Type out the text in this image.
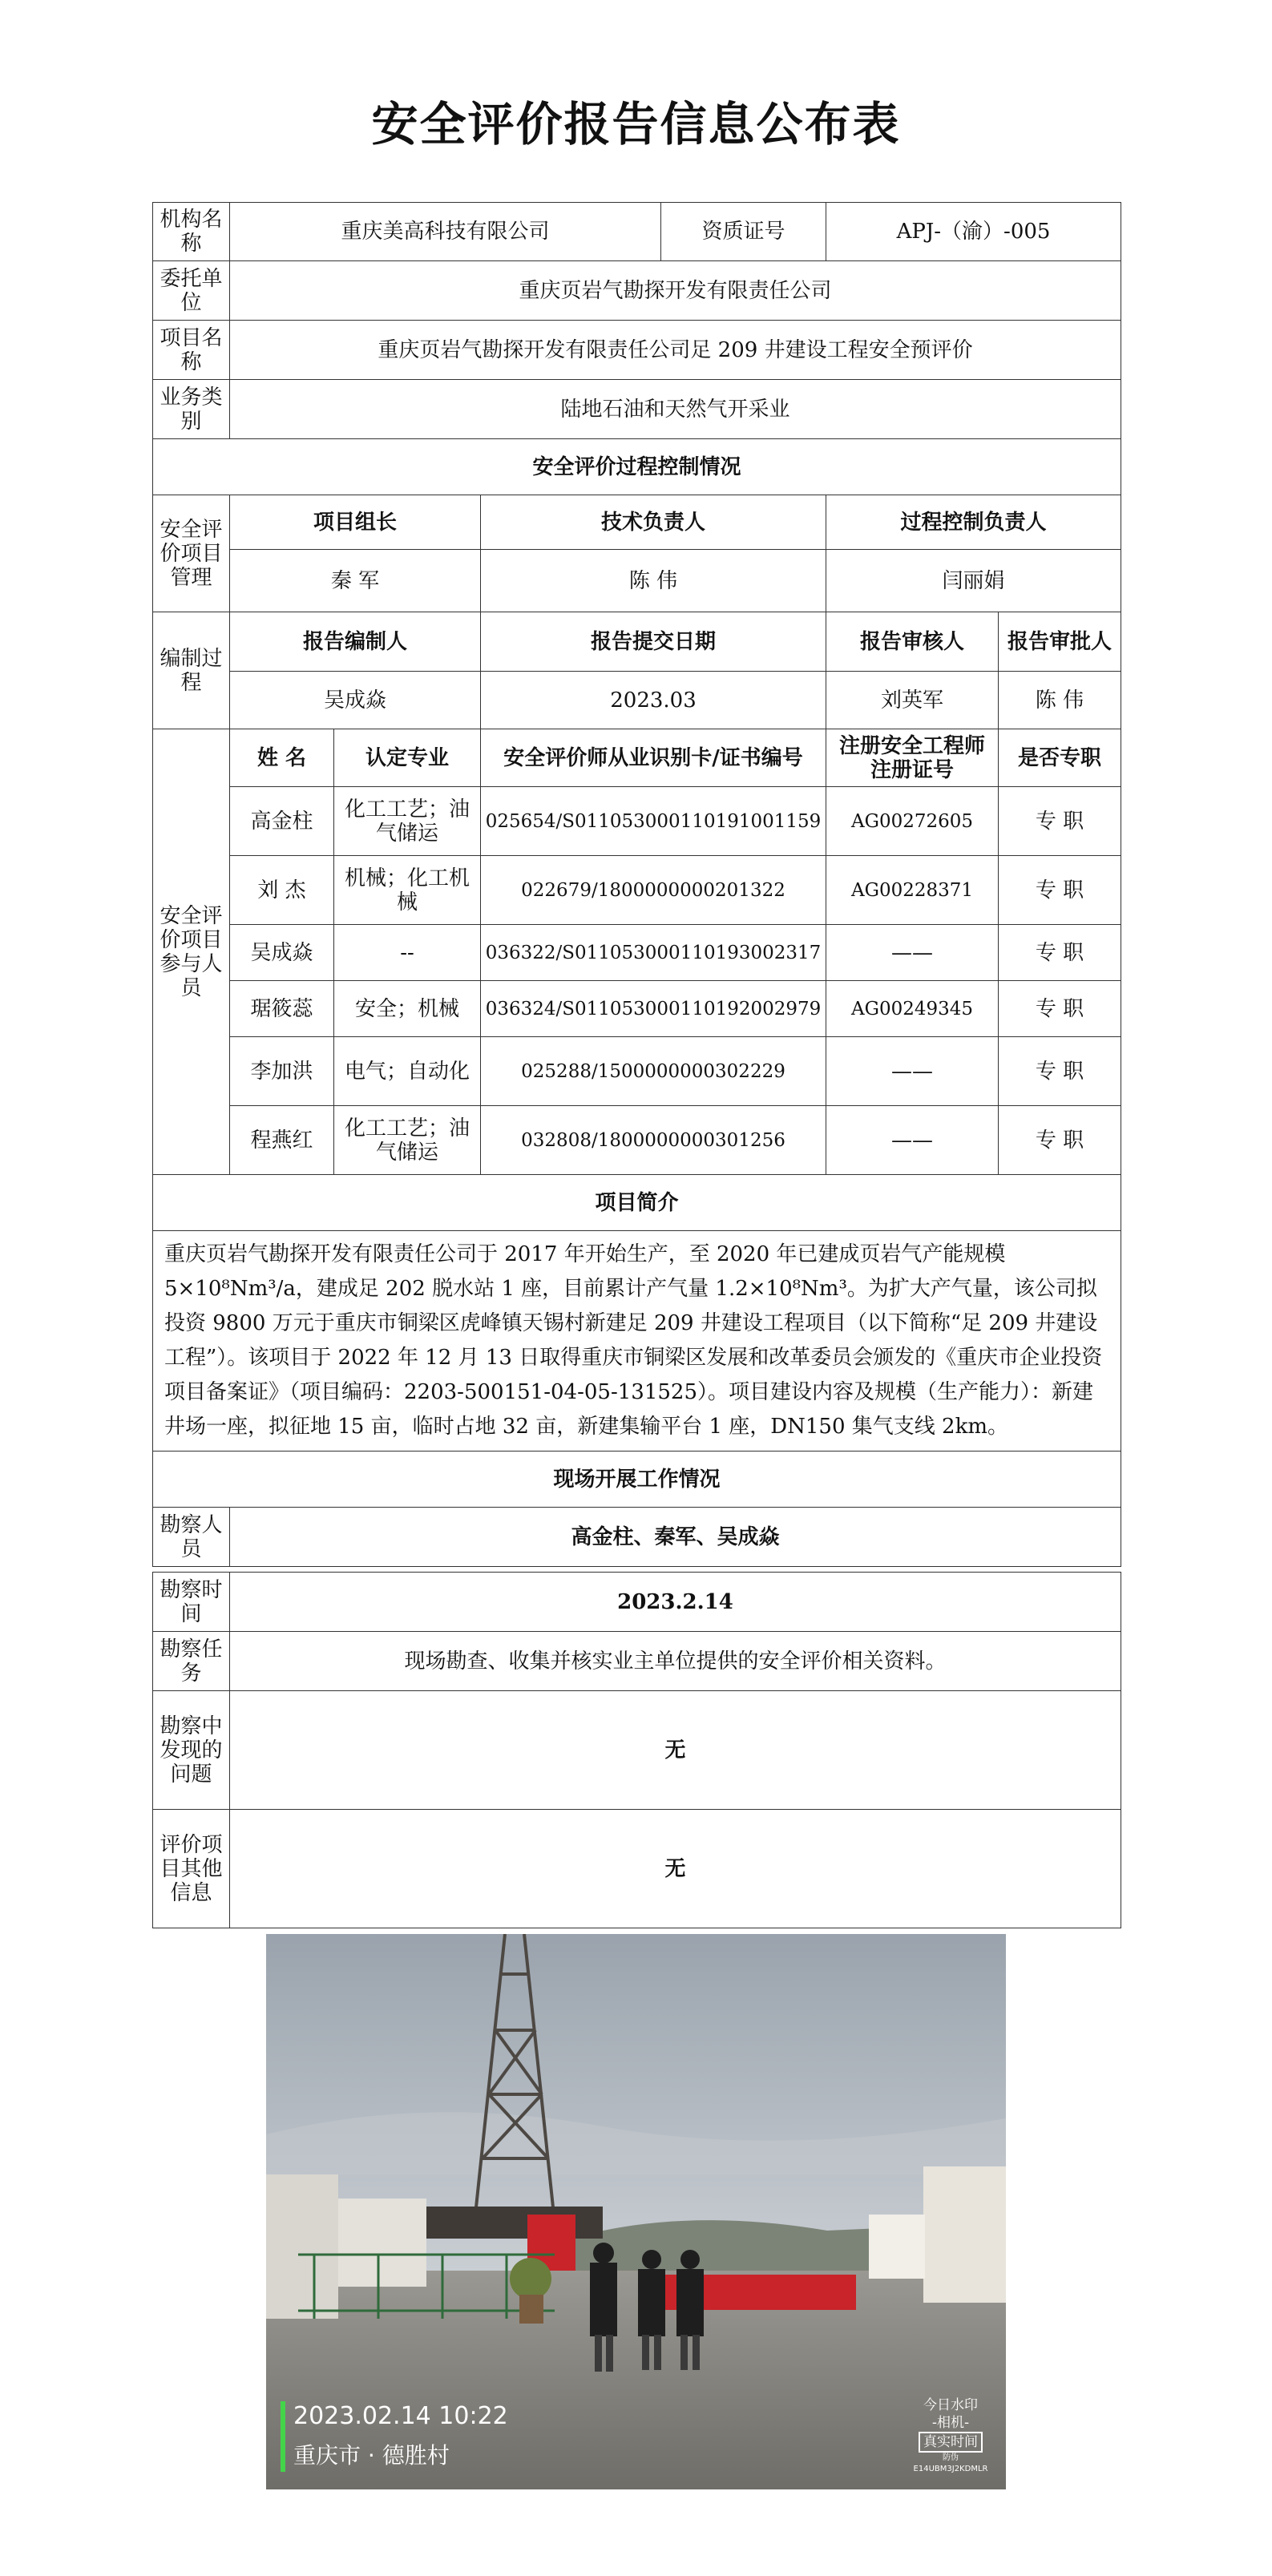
安全评价报告信息公布表
机构名称	重庆美高科技有限公司			资质证号	APJ-（渝）-005	
委托单位	重庆页岩气勘探开发有限责任公司					
项目名称	重庆页岩气勘探开发有限责任公司足 209 井建设工程安全预评价					
业务类别	陆地石油和天然气开采业					
安全评价过程控制情况						
安全评价项目管理	项目组长		技术负责人		过程控制负责人	
	秦 军		陈 伟		闫丽娟	
编制过程	报告编制人		报告提交日期		报告审核人	报告审批人
	吴成焱		2023.03		刘英军	陈 伟
安全评价项目参与人员	姓 名	认定专业	安全评价师从业识别卡/证书编号		注册安全工程师注册证号	是否专职
	高金柱	化工工艺；油气储运	025654/S011053000110191001159		AG00272605	专 职
	刘 杰	机械；化工机械	022679/1800000000201322		AG00228371	专 职
	吴成焱	--	036322/S011053000110193002317		——	专 职
	琚筱蕊	安全；机械	036324/S011053000110192002979		AG00249345	专 职
	李加洪	电气；自动化	025288/1500000000302229		——	专 职
	程燕红	化工工艺；油气储运	032808/1800000000301256		——	专 职
项目简介						
重庆页岩气勘探开发有限责任公司于 2017 年开始生产，至 2020 年已建成页岩气产能规模 5×10⁸Nm³/a，建成足 202 脱水站 1 座，目前累计产气量 1.2×10⁸Nm³。为扩大产气量，该公司拟投资 9800 万元于重庆市铜梁区虎峰镇天锡村新建足 209 井建设工程项目（以下简称“足 209 井建设工程”）。该项目于 2022 年 12 月 13 日取得重庆市铜梁区发展和改革委员会颁发的《重庆市企业投资项目备案证》（项目编码：2203-500151-04-05-131525）。项目建设内容及规模（生产能力）：新建井场一座，拟征地 15 亩，临时占地 32 亩，新建集输平台 1 座，DN150 集气支线 2km。						
现场开展工作情况						
勘察人员	高金柱、秦军、吴成焱					
勘察时间	2023.2.14
勘察任务	现场勘查、收集并核实业主单位提供的安全评价相关资料。
勘察中发现的问题	无
评价项目其他信息	无
2023.02.14 10:22
重庆市 · 德胜村
今日水印
-相机-
真实时间
防伪 E14UBM3J2KDMLR
